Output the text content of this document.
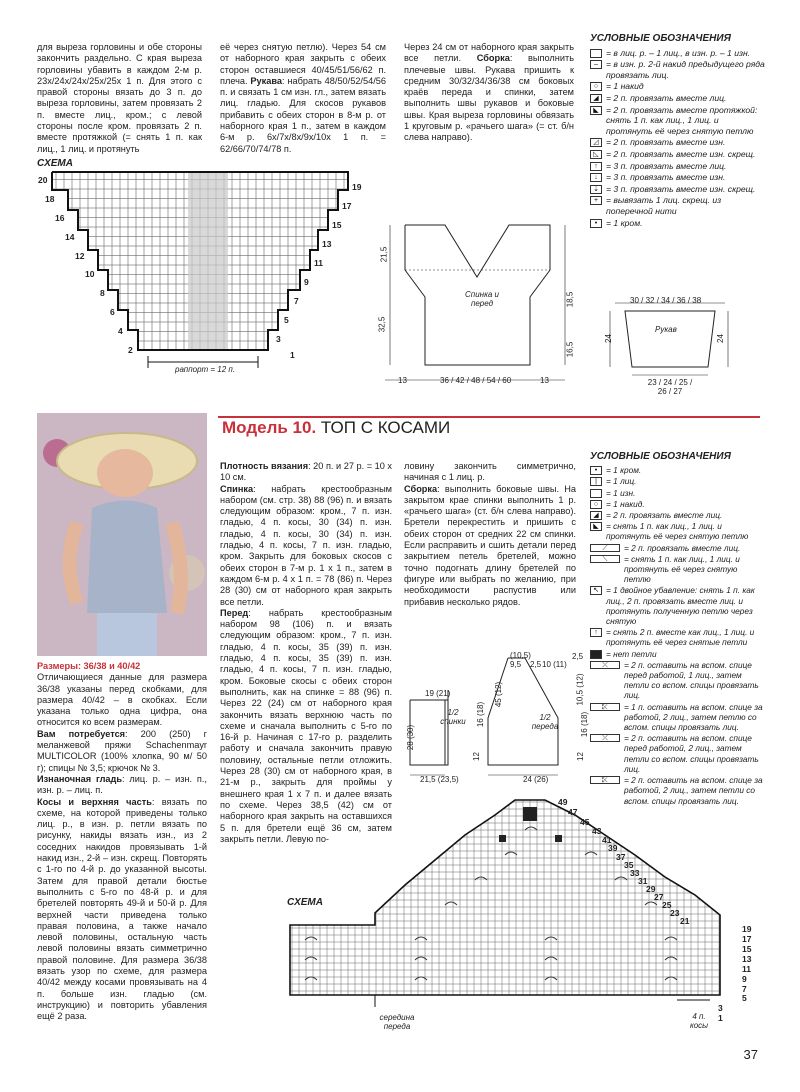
для выреза горловины и обе стороны закончить раздельно. С края выреза горловины убавить в каждом 2-м р. 23х/24х/24х/25х/25х 1 п. Для этого с правой стороны вязать до 3 п. до выреза горловины, затем провязать 2 п. вместе лиц., кром.; с левой стороны после кром. провязать 2 п. вместе протяжкой (= снять 1 п. как лиц., 1 лиц. и протянуть

её через снятую петлю). Через 54 см от наборного края закрыть с обеих сторон оставшиеся 40/45/51/56/62 п. плеча. Рукава: набрать 48/50/52/54/56 п. и связать 1 см изн. гл., затем вязать лиц. гладью. Для скосов рукавов прибавить с обеих сторон в 8-м р. от наборного края 1 п., затем в каждом 6-м р. 6х/7х/8х/9х/10х 1 п. = 62/66/70/74/78 п.

Через 24 см от наборного края закрыть все петли. Сборка: выполнить плечевые швы. Рукава пришить к средним 30/32/34/36/38 см боковых краёв переда и спинки, затем выполнить швы рукавов и боковые швы. Края выреза горловины обвязать 1 круговым р. «рачьего шага» (= ст. б/н слева направо).

УСЛОВНЫЕ ОБОЗНАЧЕНИЯ
= в лиц. р. – 1 лиц., в изн. р. – 1 изн.
– = в изн. р. 2-й накид предыдущего ряда провязать лиц.
○ = 1 накид
◢ = 2 п. провязать вместе лиц.
◣ = 2 п. провязать вместе протяжкой: снять 1 п. как лиц., 1 лиц. и протянуть её через снятую петлю
◿ = 2 п. провязать вместе изн.
◺ = 2 п. провязать вместе изн. скрещ.
↑ = 3 п. провязать вместе лиц.
↓ = 3 п. провязать вместе изн.
⇣ = 3 п. провязать вместе изн. скрещ.
+ = вывязать 1 лиц. скрещ. из поперечной нити
•	= 1 кром.
СХЕМА
20
18
16
14
12
10
8
6
4
2
19
17
15
13
11
9
7
5
3
1
раппорт = 12 п.
Спинка и перед
21,5
32,5
18,5
16,5
13	36 / 42 / 48 / 54 / 60	13
30 / 32 / 34 / 36 / 38
Рукав
24	24
23 / 24 / 25 / 26 / 27
Модель 10. ТОП С КОСАМИ

Размеры: 36/38 и 40/42

Отличающиеся данные для размера 36/38 указаны перед скобками, для размера 40/42 – в скобках. Если указана только одна цифра, она относится ко всем размерам.

Вам потребуется: 200 (250) г меланжевой пряжи Schachenmayr MULTICOLOR (100% хлопка, 90 м/ 50 г); спицы № 3,5; крючок № 3.

Изнаночная гладь: лиц. р. – изн. п., изн. р. – лиц. п.

Косы и верхняя часть: вязать по схеме, на которой приведены только лиц. р., в изн. р. петли вязать по рисунку, накиды вязать изн., из 2 соседних накидов провязывать 1-й накид изн., 2-й – изн. скрещ. Повторять с 1-го по 4-й р. до указанной высоты. Затем для правой детали бюстье выполнить с 5-го по 48-й р. и для бретелей повторять 49-й и 50-й р. Для верхней части приведена только правая половина, а также начало левой половины, остальную часть левой половины вязать симметрично правой половине. Для размера 36/38 вязать узор по схеме, для размера 40/42 между косами провязывать на 4 п. больше изн. гладью (см. инструкцию) и повторить убавления ещё 2 раза.

Плотность вязания: 20 п. и 27 р. = 10 х 10 см.

Спинка: набрать крестообразным набором (см. стр. 38) 88 (96) п. и вязать следующим образом: кром., 7 п. изн. гладью, 4 п. косы, 30 (34) п. изн. гладью, 4 п. косы, 30 (34) п. изн. гладью, 4 п. косы, 7 п. изн. гладью, кром. Закрыть для боковых скосов с обеих сторон в 7-м р. 1 х 1 п., затем в каждом 6-м р. 4 х 1 п. = 78 (86) п. Через 28 (30) см от наборного края закрыть все петли.

Перед: набрать крестообразным набором 98 (106) п. и вязать следующим образом: кром., 7 п. изн. гладью, 4 п. косы, 35 (39) п. изн. гладью, 4 п. косы, 35 (39) п. изн. гладью, 4 п. косы, 7 п. изн. гладью, кром. Боковые скосы с обеих сторон выполнить, как на спинке = 88 (96) п. Через 22 (24) см от наборного края закончить вязать верхнюю часть по схеме и сначала выполнить с 5-го по 16-й р. Начиная с 17-го р. разделить работу и сначала закончить правую половину, остальные петли отложить. Через 28 (30) см от наборного края, в 21-м р., закрыть для проймы у внешнего края 1 х 7 п. и далее вязать по схеме. Через 38,5 (42) см от наборного края закрыть на оставшихся 5 п. для бретели ещё 36 см, затем закрыть петли. Левую по-

ловину закончить симметрично, начиная с 1 лиц. р.

Сборка: выполнить боковые швы. На закрытом крае спинки выполнить 1 р. «рачьего шага» (ст. б/н слева направо). Бретели перекрестить и пришить с обеих сторон от средних 22 см спинки. Если расправить и сшить детали перед закрытием петель бретелей, можно точно подогнать длину бретелей по фигуре или выбрать по желанию, при необходимости распустив или прибавив несколько рядов.

УСЛОВНЫЕ ОБОЗНАЧЕНИЯ
•	= 1 кром.
|	= 1 лиц.
= 1 изн.
○ = 1 накид.
◢ = 2 п. провязать вместе лиц.
◣ = снять 1 п. как лиц., 1 лиц. и протянуть её через снятую петлю
⟋	= 2 п. провязать вместе лиц.
⟍	= снять 1 п. как лиц., 1 лиц. и протянуть её через снятую петлю
↖ = 1 двойное убавление: снять 1 п. как лиц., 2 п. провязать вместе лиц. и протянуть полученную петлю через снятую
↑ = снять 2 п. вместе как лиц., 1 лиц. и протянуть её через снятые петли
= нет петли
⤫	= 2 п. оставить на вспом. спице перед работой, 1 лиц., затем петли со вспом. спицы провязать лиц.
⤪	= 1 п. оставить на вспом. спице за работой, 2 лиц., затем петлю со вспом. спицы провязать лиц.
⤫	= 2 п. оставить на вспом. спице перед работой, 2 лиц., затем петли со вспом. спицы провязать лиц.
⤪	= 2 п. оставить на вспом. спице за работой, 2 лиц., затем петли со вспом. спицы провязать лиц.
19 (21)
1/2 спинки
28 (30)
16 (18)
12
21,5 (23,5)
(10,5)
9,5 2,5 10 (11)
2,5
45 (12)	10,5 (12)
16 (18)
12
1/2 переда
24 (26)
СХЕМА
49
47
45
43
41
39
37
35
33
31
29
27
25
23
21
19
17
15
13
11
9
7
5
3
1
середина переда
4 п. косы
37
